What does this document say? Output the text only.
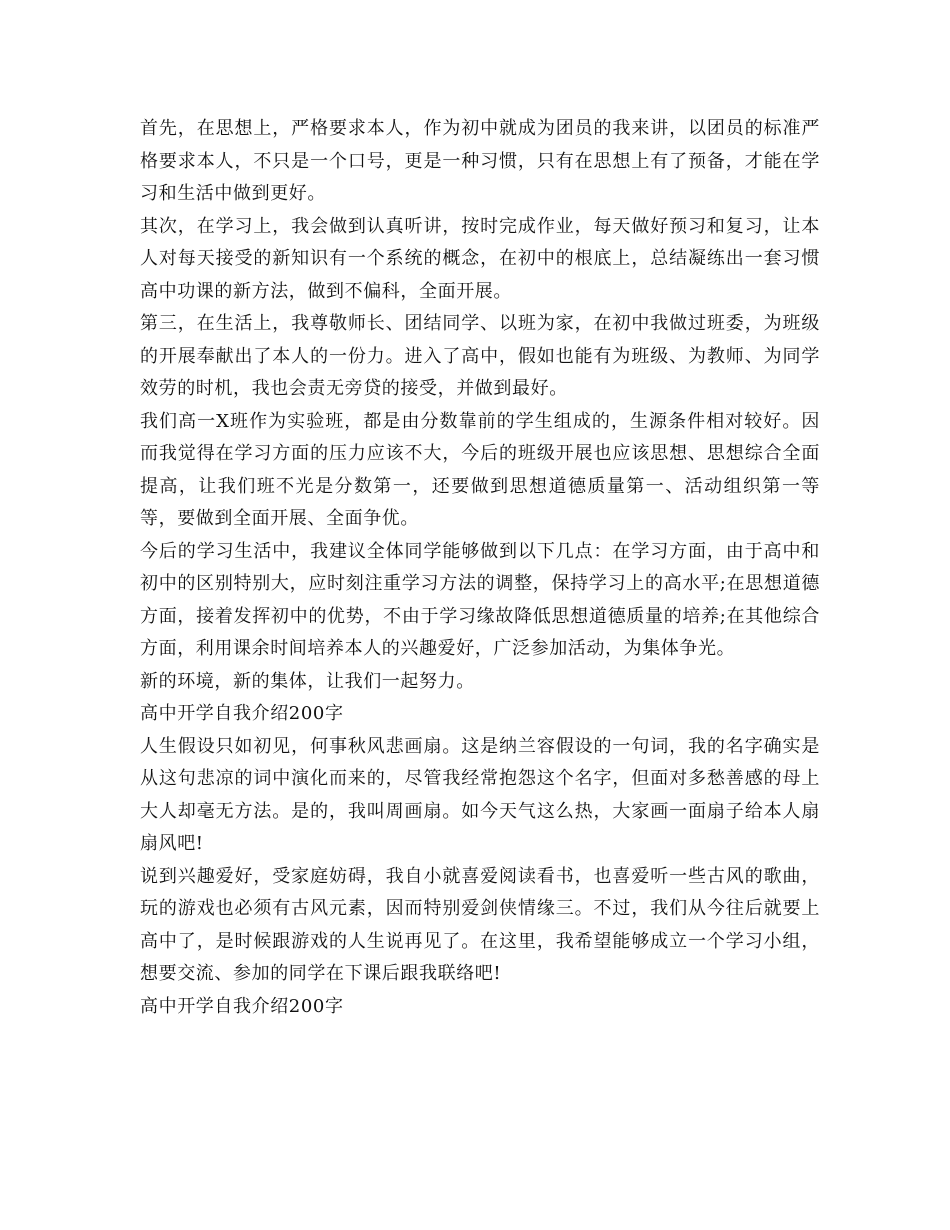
首先，在思想上，严格要求本人，作为初中就成为团员的我来讲，以团员的标准严格要求本人，不只是一个口号，更是一种习惯，只有在思想上有了预备，才能在学习和生活中做到更好。

其次，在学习上，我会做到认真听讲，按时完成作业，每天做好预习和复习，让本人对每天接受的新知识有一个系统的概念，在初中的根底上，总结凝练出一套习惯高中功课的新方法，做到不偏科，全面开展。

第三，在生活上，我尊敬师长、团结同学、以班为家，在初中我做过班委，为班级的开展奉献出了本人的一份力。进入了高中，假如也能有为班级、为教师、为同学效劳的时机，我也会责无旁贷的接受，并做到最好。

我们高一X班作为实验班，都是由分数靠前的学生组成的，生源条件相对较好。因而我觉得在学习方面的压力应该不大，今后的班级开展也应该思想、思想综合全面提高，让我们班不光是分数第一，还要做到思想道德质量第一、活动组织第一等等，要做到全面开展、全面争优。

今后的学习生活中，我建议全体同学能够做到以下几点：在学习方面，由于高中和初中的区别特别大，应时刻注重学习方法的调整，保持学习上的高水平;在思想道德方面，接着发挥初中的优势，不由于学习缘故降低思想道德质量的培养;在其他综合方面，利用课余时间培养本人的兴趣爱好，广泛参加活动，为集体争光。

新的环境，新的集体，让我们一起努力。

高中开学自我介绍200字

人生假设只如初见，何事秋风悲画扇。这是纳兰容假设的一句词，我的名字确实是从这句悲凉的词中演化而来的，尽管我经常抱怨这个名字，但面对多愁善感的母上大人却毫无方法。是的，我叫周画扇。如今天气这么热，大家画一面扇子给本人扇扇风吧!

说到兴趣爱好，受家庭妨碍，我自小就喜爱阅读看书，也喜爱听一些古风的歌曲，玩的游戏也必须有古风元素，因而特别爱剑侠情缘三。不过，我们从今往后就要上高中了，是时候跟游戏的人生说再见了。在这里，我希望能够成立一个学习小组，想要交流、参加的同学在下课后跟我联络吧!

高中开学自我介绍200字
